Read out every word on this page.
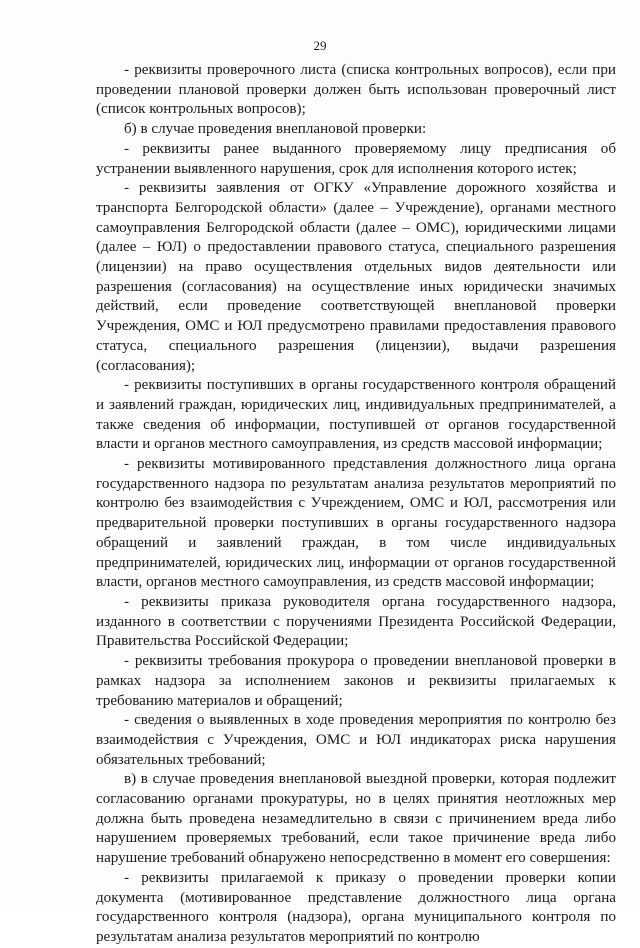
29

- реквизиты проверочного листа (списка контрольных вопросов), если при проведении плановой проверки должен быть использован проверочный лист (список контрольных вопросов);

б) в случае проведения внеплановой проверки:

- реквизиты ранее выданного проверяемому лицу предписания об устранении выявленного нарушения, срок для исполнения которого истек;

- реквизиты заявления от ОГКУ «Управление дорожного хозяйства и транспорта Белгородской области» (далее – Учреждение), органами местного самоуправления Белгородской области (далее – ОМС), юридическими лицами (далее – ЮЛ) о предоставлении правового статуса, специального разрешения (лицензии) на право осуществления отдельных видов деятельности или разрешения (согласования) на осуществление иных юридически значимых действий, если проведение соответствующей внеплановой проверки Учреждения, ОМС и ЮЛ предусмотрено правилами предоставления правового статуса, специального разрешения (лицензии), выдачи разрешения (согласования);

- реквизиты поступивших в органы государственного контроля обращений и заявлений граждан, юридических лиц, индивидуальных предпринимателей, а также сведения об информации, поступившей от органов государственной власти и органов местного самоуправления, из средств массовой информации;

- реквизиты мотивированного представления должностного лица органа государственного надзора по результатам анализа результатов мероприятий по контролю без взаимодействия с Учреждением, ОМС и ЮЛ, рассмотрения или предварительной проверки поступивших в органы государственного надзора обращений и заявлений граждан, в том числе индивидуальных предпринимателей, юридических лиц, информации от органов государственной власти, органов местного самоуправления, из средств массовой информации;

- реквизиты приказа руководителя органа государственного надзора, изданного в соответствии с поручениями Президента Российской Федерации, Правительства Российской Федерации;

- реквизиты требования прокурора о проведении внеплановой проверки в рамках надзора за исполнением законов и реквизиты прилагаемых к требованию материалов и обращений;

- сведения о выявленных в ходе проведения мероприятия по контролю без взаимодействия с Учреждения, ОМС и ЮЛ индикаторах риска нарушения обязательных требований;

в) в случае проведения внеплановой выездной проверки, которая подлежит согласованию органами прокуратуры, но в целях принятия неотложных мер должна быть проведена незамедлительно в связи с причинением вреда либо нарушением проверяемых требований, если такое причинение вреда либо нарушение требований обнаружено непосредственно в момент его совершения:

- реквизиты прилагаемой к приказу о проведении проверки копии документа (мотивированное представление должностного лица органа государственного контроля (надзора), органа муниципального контроля по результатам анализа результатов мероприятий по контролю
